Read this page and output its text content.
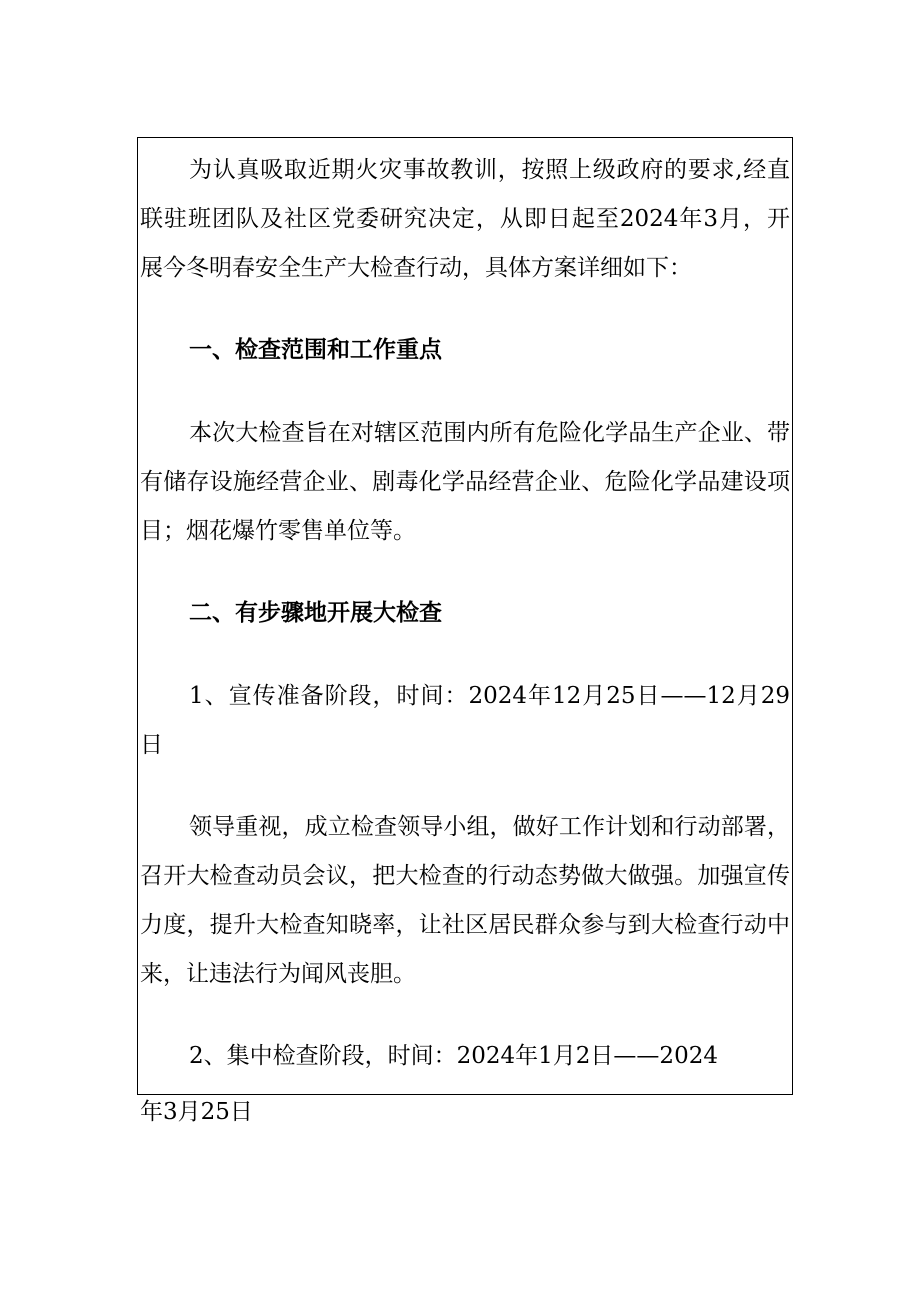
为认真吸取近期火灾事故教训，按照上级政府的要求,经直

联驻班团队及社区党委研究决定，从即日起至2024年3月，开

展今冬明春安全生产大检查行动，具体方案详细如下：

一、检查范围和工作重点

本次大检查旨在对辖区范围内所有危险化学品生产企业、带

有储存设施经营企业、剧毒化学品经营企业、危险化学品建设项

目；烟花爆竹零售单位等。

二、有步骤地开展大检查

1、宣传准备阶段，时间：2024年12月25日——12月29

日

领导重视，成立检查领导小组，做好工作计划和行动部署，

召开大检查动员会议，把大检查的行动态势做大做强。加强宣传

力度，提升大检查知晓率，让社区居民群众参与到大检查行动中

来，让违法行为闻风丧胆。

2、集中检查阶段，时间：2024年1月2日——2024

年3月25日
